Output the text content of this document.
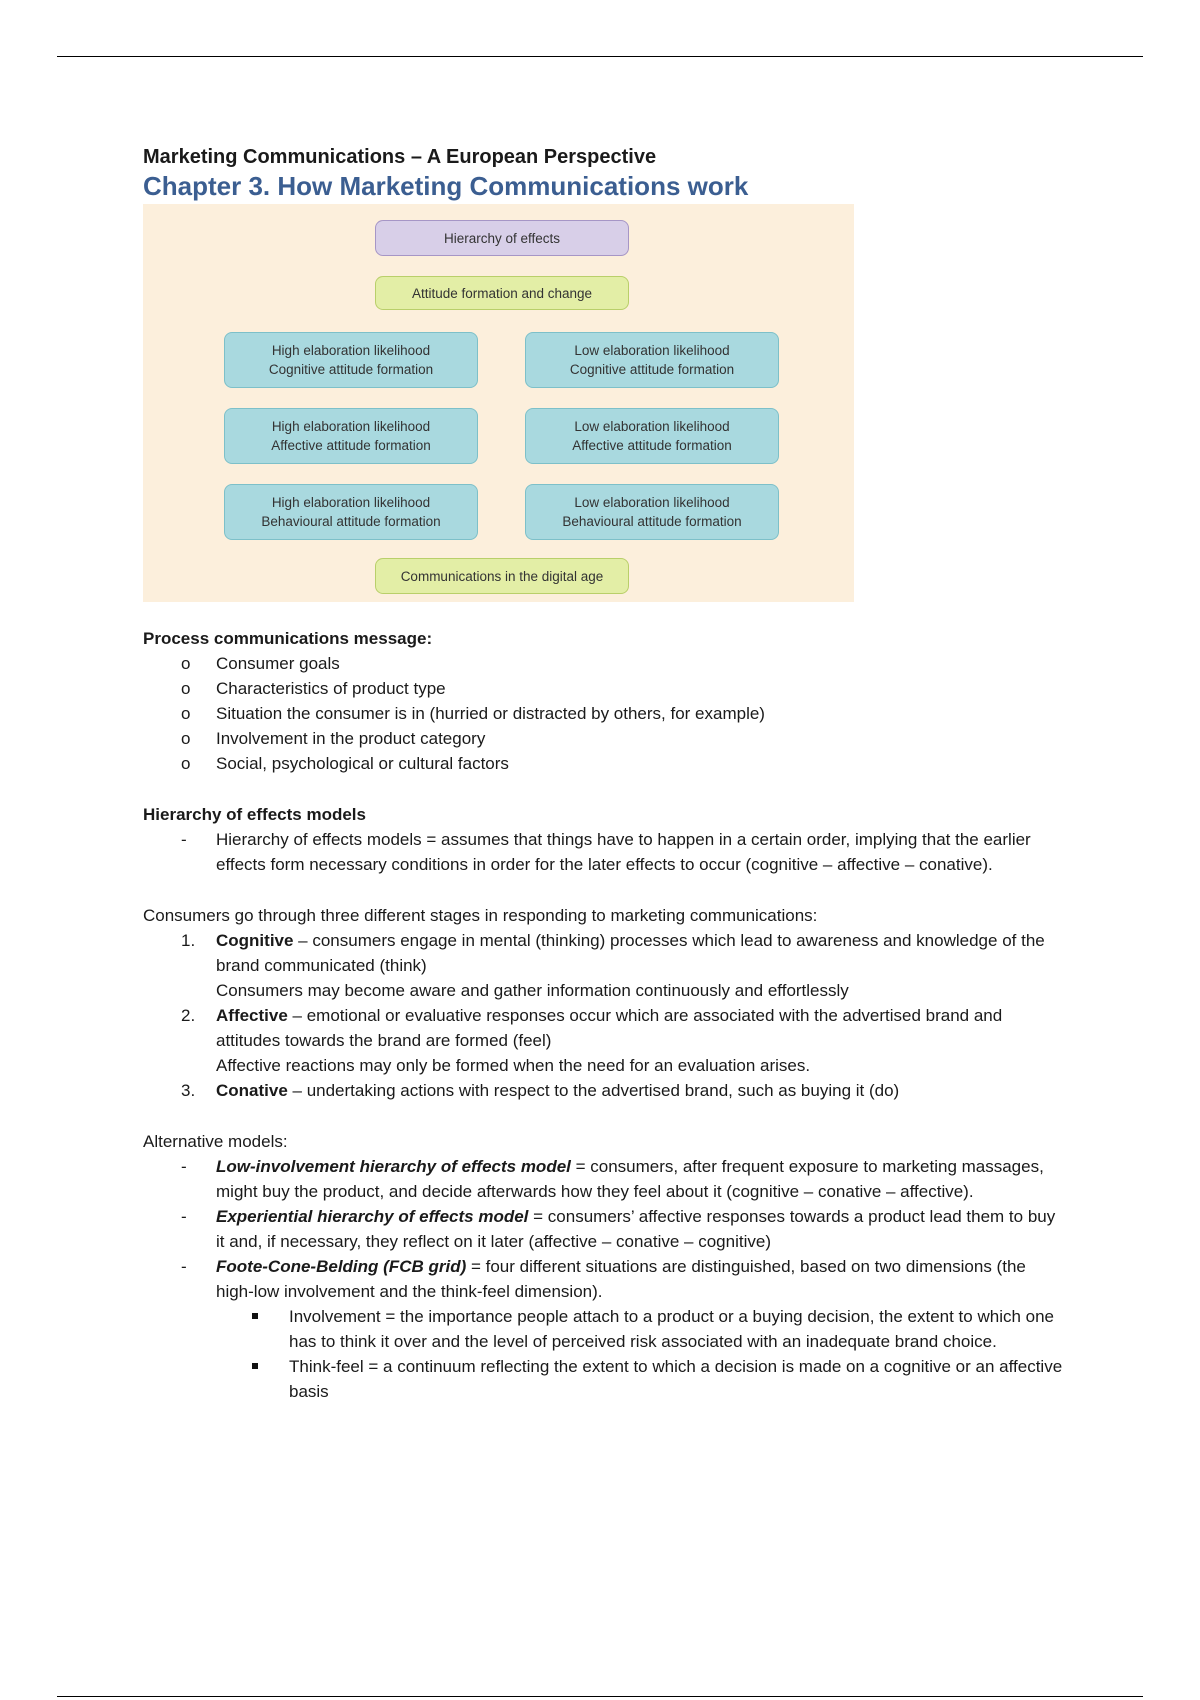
Marketing Communications – A European Perspective
Chapter 3. How Marketing Communications work
Hierarchy of effects
Attitude formation and change
High elaboration likelihood
Cognitive attitude formation
Low elaboration likelihood
Cognitive attitude formation
High elaboration likelihood
Affective attitude formation
Low elaboration likelihood
Affective attitude formation
High elaboration likelihood
Behavioural attitude formation
Low elaboration likelihood
Behavioural attitude formation
Communications in the digital age
Process communications message:
o	Consumer goals
o	Characteristics of product type
o	Situation the consumer is in (hurried or distracted by others, for example)
o	Involvement in the product category
o	Social, psychological or cultural factors
Hierarchy of effects models
-	Hierarchy of effects models = assumes that things have to happen in a certain order, implying that the earlier effects form necessary conditions in order for the later effects to occur (cognitive – affective – conative).
Consumers go through three different stages in responding to marketing communications:
1.	Cognitive – consumers engage in mental (thinking) processes which lead to awareness and knowledge of the brand communicated (think)
Consumers may become aware and gather information continuously and effortlessly
2.	Affective – emotional or evaluative responses occur which are associated with the advertised brand and attitudes towards the brand are formed (feel)
Affective reactions may only be formed when the need for an evaluation arises.
3.	Conative – undertaking actions with respect to the advertised brand, such as buying it (do)
Alternative models:
-	Low-involvement hierarchy of effects model = consumers, after frequent exposure to marketing massages, might buy the product, and decide afterwards how they feel about it (cognitive – conative – affective).
-	Experiential hierarchy of effects model = consumers’ affective responses towards a product lead them to buy it and, if necessary, they reflect on it later (affective – conative – cognitive)
-	Foote-Cone-Belding (FCB grid) = four different situations are distinguished, based on two dimensions (the high-low involvement and the think-feel dimension).
Involvement = the importance people attach to a product or a buying decision, the extent to which one has to think it over and the level of perceived risk associated with an inadequate brand choice.
Think-feel = a continuum reflecting the extent to which a decision is made on a cognitive or an affective basis
